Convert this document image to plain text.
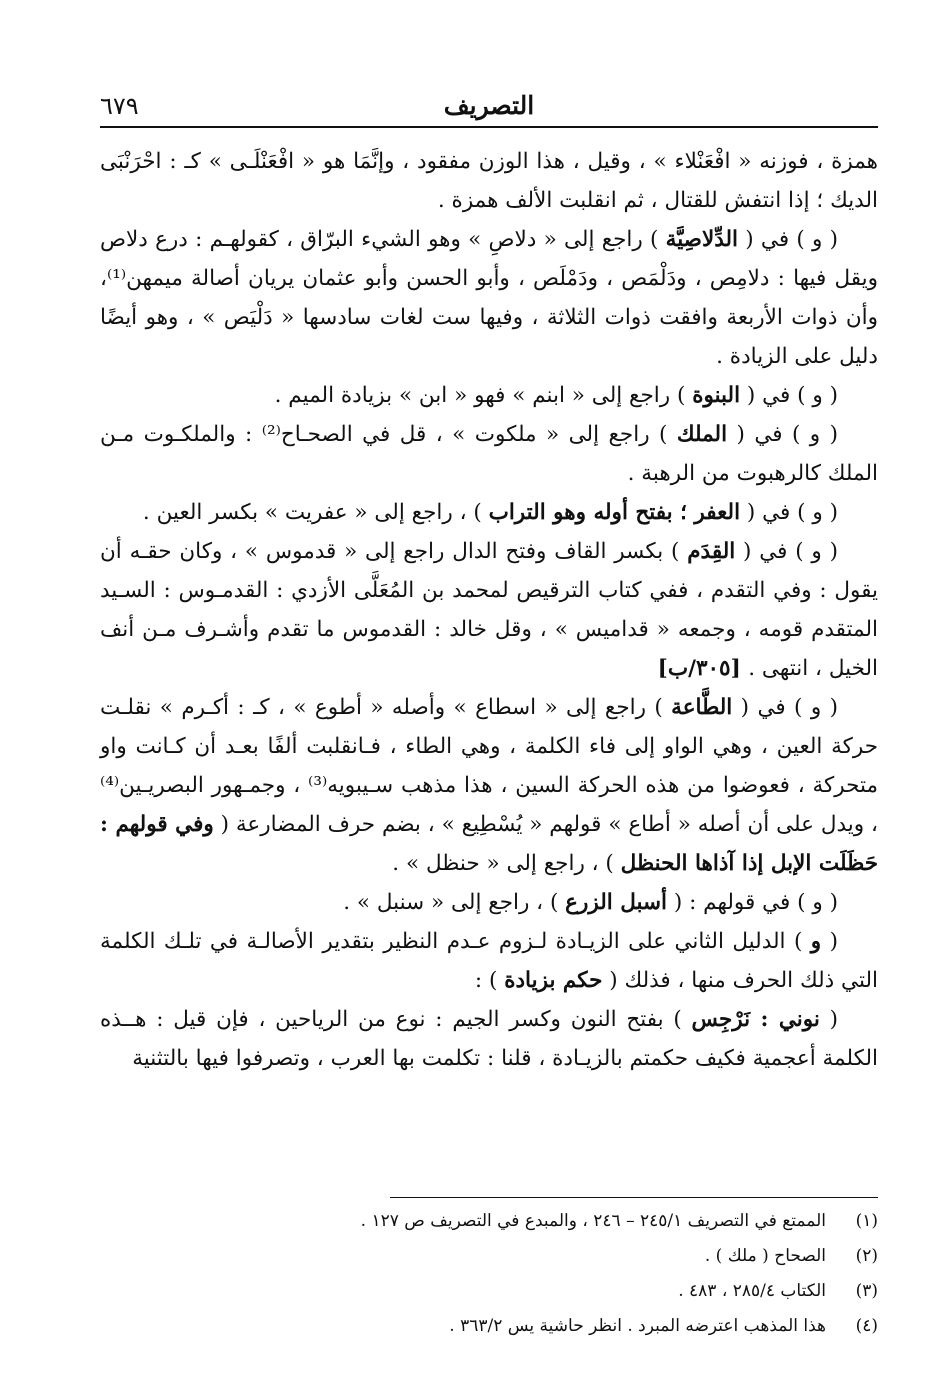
التصريف
٦٧٩

همزة ، فوزنه « افْعَنْلاء » ، وقيل ، هذا الوزن مفقود ، وإنَّمَا هو « افْعَنْلَـى » كـ : احْرَنْبَى الديك ؛ إذا انتفش للقتال ، ثم انقلبت الألف همزة .

( و ) في ( الدِّلاصِيَّة ) راجع إلى « دلاصِ » وهو الشيء البرّاق ، كقولهـم : درع دلاص ويقل فيها : دلامِص ، ودَلْمَص ، ودَمْلَص ، وأبو الحسن وأبو عثمان يريان أصالة ميمهن⁽¹⁾، وأن ذوات الأربعة وافقت ذوات الثلاثة ، وفيها ست لغات سادسها « دَلْيَص » ، وهو أيضًا دليل على الزيادة .

( و ) في ( البنوة ) راجع إلى « ابنم » فهو « ابن » بزيادة الميم .

( و ) في ( الملك ) راجع إلى « ملكوت » ، قل في الصحـاح⁽²⁾ : والملكـوت مـن الملك كالرهبوت من الرهبة .

( و ) في ( العفر ؛ بفتح أوله وهو التراب ) ، راجع إلى « عفريت » بكسر العين .

( و ) في ( القِدَم ) بكسر القاف وفتح الدال راجع إلى « قدموس » ، وكان حقـه أن يقول : وفي التقدم ، ففي كتاب الترقيص لمحمد بن المُعَلَّى الأزدي : القدمـوس : السـيد المتقدم قومه ، وجمعه « قداميس » ، وقل خالد : القدموس ما تقدم وأشـرف مـن أنف الخيل ، انتهى . [٣٠٥/ب]

( و ) في ( الطَّاعة ) راجع إلى « اسطاع » وأصله « أطوع » ، كـ : أكـرم » نقلـت حركة العين ، وهي الواو إلى فاء الكلمة ، وهي الطاء ، فـانقلبت ألفًا بعـد أن كـانت واو متحركة ، فعوضوا من هذه الحركة السين ، هذا مذهب سـيبويه⁽³⁾ ، وجمـهور البصريـين⁽⁴⁾ ، ويدل على أن أصله « أطاع » قولهم « يُسْطِيع » ، بضم حرف المضارعة ( وفي قولهم : حَظَلَت الإبل إذا آذاها الحنظل ) ، راجع إلى « حنظل » .

( و ) في قولهم : ( أسبل الزرع ) ، راجع إلى « سنبل » .

( و ) الدليل الثاني على الزيـادة لـزوم عـدم النظير بتقدير الأصالـة في تلـك الكلمة التي ذلك الحرف منها ، فذلك ( حكم بزيادة ) :

( نوني : نَرْجِس ) بفتح النون وكسر الجيم : نوع من الرياحين ، فإن قيل : هــذه الكلمة أعجمية فكيف حكمتم بالزيـادة ، قلنا : تكلمت بها العرب ، وتصرفوا فيها بالتثنية

(١)
الممتع في التصريف ٢٤٥/١ – ٢٤٦ ، والمبدع في التصريف ص ١٢٧ .
(٢)
الصحاح ( ملك ) .
(٣)
الكتاب ٢٨٥/٤ ، ٤٨٣ .
(٤)
هذا المذهب اعترضه المبرد . انظر حاشية يس ٣٦٣/٢ .
